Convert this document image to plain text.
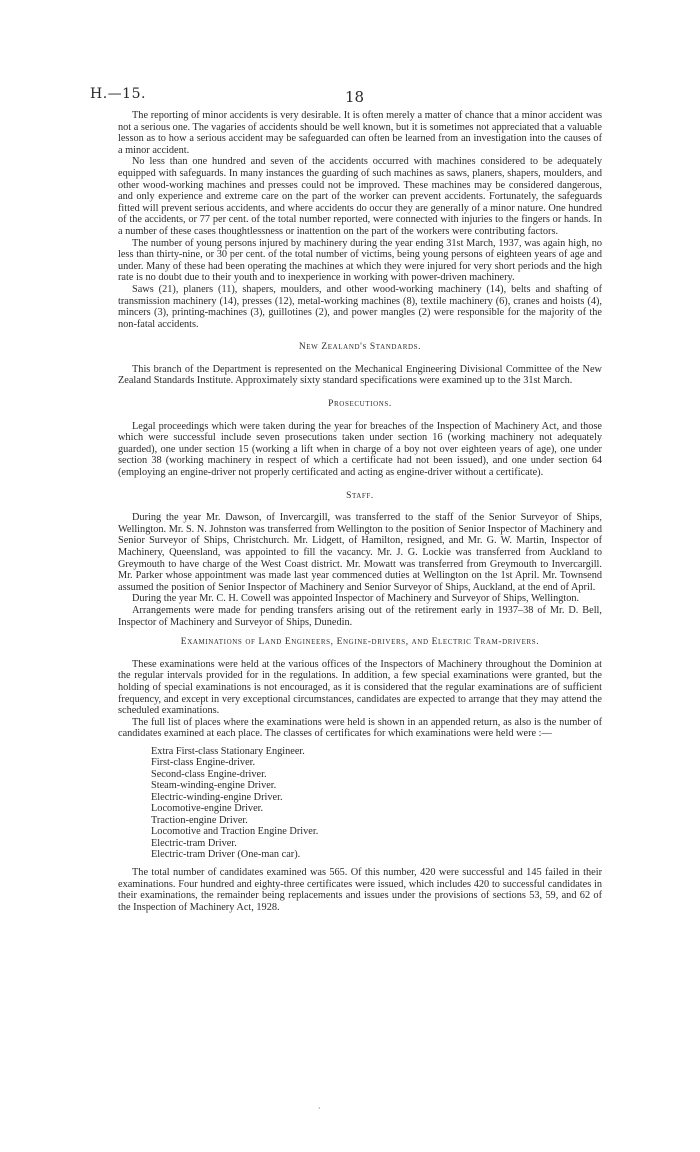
H.—15.	18

The reporting of minor accidents is very desirable. It is often merely a matter of chance that a minor accident was not a serious one. The vagaries of accidents should be well known, but it is sometimes not appreciated that a valuable lesson as to how a serious accident may be safeguarded can often be learned from an investigation into the causes of a minor accident.

No less than one hundred and seven of the accidents occurred with machines considered to be adequately equipped with safeguards. In many instances the guarding of such machines as saws, planers, shapers, moulders, and other wood-working machines and presses could not be improved. These machines may be considered dangerous, and only experience and extreme care on the part of the worker can prevent accidents. Fortunately, the safeguards fitted will prevent serious accidents, and where accidents do occur they are generally of a minor nature. One hundred of the accidents, or 77 per cent. of the total number reported, were connected with injuries to the fingers or hands. In a number of these cases thoughtlessness or inattention on the part of the workers were contributing factors.

The number of young persons injured by machinery during the year ending 31st March, 1937, was again high, no less than thirty-nine, or 30 per cent. of the total number of victims, being young persons of eighteen years of age and under. Many of these had been operating the machines at which they were injured for very short periods and the high rate is no doubt due to their youth and to inexperience in working with power-driven machinery.

Saws (21), planers (11), shapers, moulders, and other wood-working machinery (14), belts and shafting of transmission machinery (14), presses (12), metal-working machines (8), textile machinery (6), cranes and hoists (4), mincers (3), printing-machines (3), guillotines (2), and power mangles (2) were responsible for the majority of the non-fatal accidents.

New Zealand's Standards.

This branch of the Department is represented on the Mechanical Engineering Divisional Committee of the New Zealand Standards Institute. Approximately sixty standard specifications were examined up to the 31st March.

Prosecutions.

Legal proceedings which were taken during the year for breaches of the Inspection of Machinery Act, and those which were successful include seven prosecutions taken under section 16 (working machinery not adequately guarded), one under section 15 (working a lift when in charge of a boy not over eighteen years of age), one under section 38 (working machinery in respect of which a certificate had not been issued), and one under section 64 (employing an engine-driver not properly certificated and acting as engine-driver without a certificate).

Staff.

During the year Mr. Dawson, of Invercargill, was transferred to the staff of the Senior Surveyor of Ships, Wellington. Mr. S. N. Johnston was transferred from Wellington to the position of Senior Inspector of Machinery and Senior Surveyor of Ships, Christchurch. Mr. Lidgett, of Hamilton, resigned, and Mr. G. W. Martin, Inspector of Machinery, Queensland, was appointed to fill the vacancy. Mr. J. G. Lockie was transferred from Auckland to Greymouth to have charge of the West Coast district. Mr. Mowatt was transferred from Greymouth to Invercargill. Mr. Parker whose appointment was made last year commenced duties at Wellington on the 1st April. Mr. Townsend assumed the position of Senior Inspector of Machinery and Senior Surveyor of Ships, Auckland, at the end of April.

During the year Mr. C. H. Cowell was appointed Inspector of Machinery and Surveyor of Ships, Wellington.

Arrangements were made for pending transfers arising out of the retirement early in 1937–38 of Mr. D. Bell, Inspector of Machinery and Surveyor of Ships, Dunedin.

Examinations of Land Engineers, Engine-drivers, and Electric Tram-drivers.

These examinations were held at the various offices of the Inspectors of Machinery throughout the Dominion at the regular intervals provided for in the regulations. In addition, a few special examinations were granted, but the holding of special examinations is not encouraged, as it is considered that the regular examinations are of sufficient frequency, and except in very exceptional circumstances, candidates are expected to arrange that they may attend the scheduled examinations.

The full list of places where the examinations were held is shown in an appended return, as also is the number of candidates examined at each place. The classes of certificates for which examinations were held were :—

Extra First-class Stationary Engineer.
First-class Engine-driver.
Second-class Engine-driver.
Steam-winding-engine Driver.
Electric-winding-engine Driver.
Locomotive-engine Driver.
Traction-engine Driver.
Locomotive and Traction Engine Driver.
Electric-tram Driver.
Electric-tram Driver (One-man car).

The total number of candidates examined was 565. Of this number, 420 were successful and 145 failed in their examinations. Four hundred and eighty-three certificates were issued, which includes 420 to successful candidates in their examinations, the remainder being replacements and issues under the provisions of sections 53, 59, and 62 of the Inspection of Machinery Act, 1928.

·
